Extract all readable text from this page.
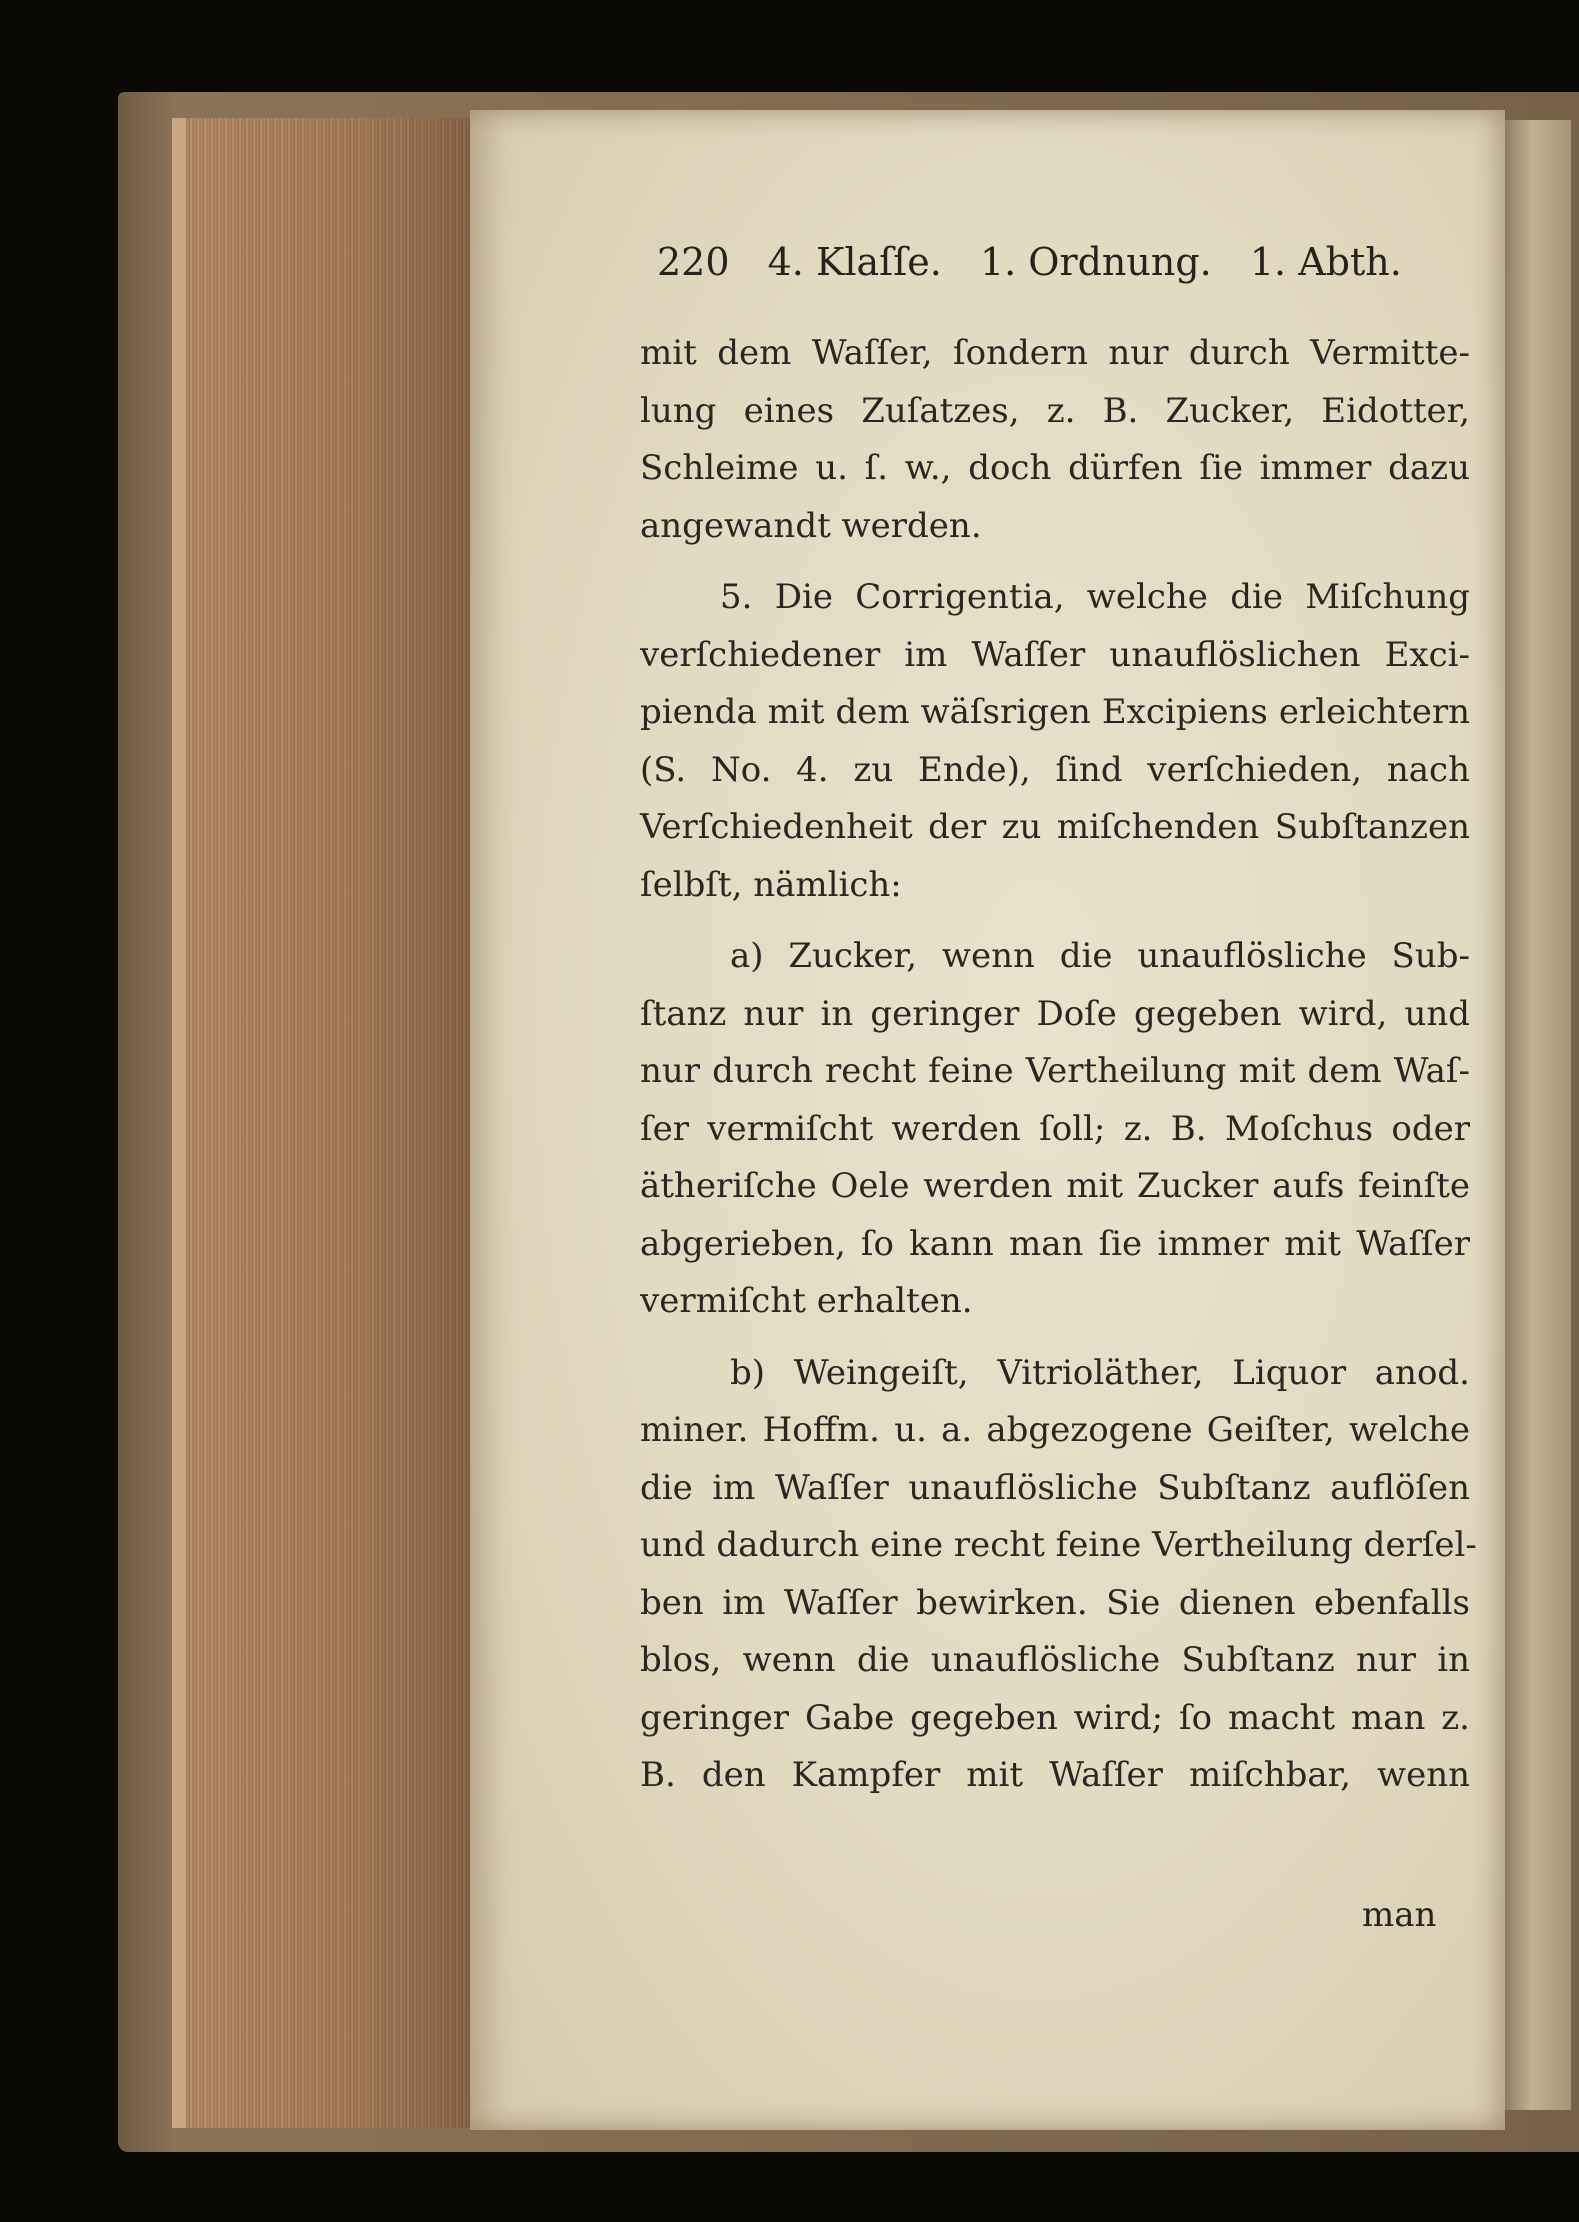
220 4. Klaſſe. 1. Ordnung. 1. Abth.
mit dem Waſſer, ſondern nur durch Vermitte-
lung eines Zuſatzes, z. B. Zucker, Eidotter,
Schleime u. ſ. w., doch dürfen ſie immer dazu
angewandt werden.
5. Die Corrigentia, welche die Miſchung
verſchiedener im Waſſer unauflöslichen Exci-
pienda mit dem wäſsrigen Excipiens erleichtern
(S. No. 4. zu Ende), ſind verſchieden, nach
Verſchiedenheit der zu miſchenden Subſtanzen
ſelbſt, nämlich:
a) Zucker, wenn die unauflösliche Sub-
ſtanz nur in geringer Doſe gegeben wird, und
nur durch recht feine Vertheilung mit dem Waſ-
ſer vermiſcht werden ſoll; z. B. Moſchus oder
ätheriſche Oele werden mit Zucker aufs feinſte
abgerieben, ſo kann man ſie immer mit Waſſer
vermiſcht erhalten.
b) Weingeiſt, Vitrioläther, Liquor anod.
miner. Hoffm. u. a. abgezogene Geiſter, welche
die im Waſſer unauflösliche Subſtanz auflöſen
und dadurch eine recht feine Vertheilung derſel-
ben im Waſſer bewirken. Sie dienen ebenfalls
blos, wenn die unauflösliche Subſtanz nur in
geringer Gabe gegeben wird; ſo macht man z.
B. den Kampfer mit Waſſer miſchbar, wenn
man
